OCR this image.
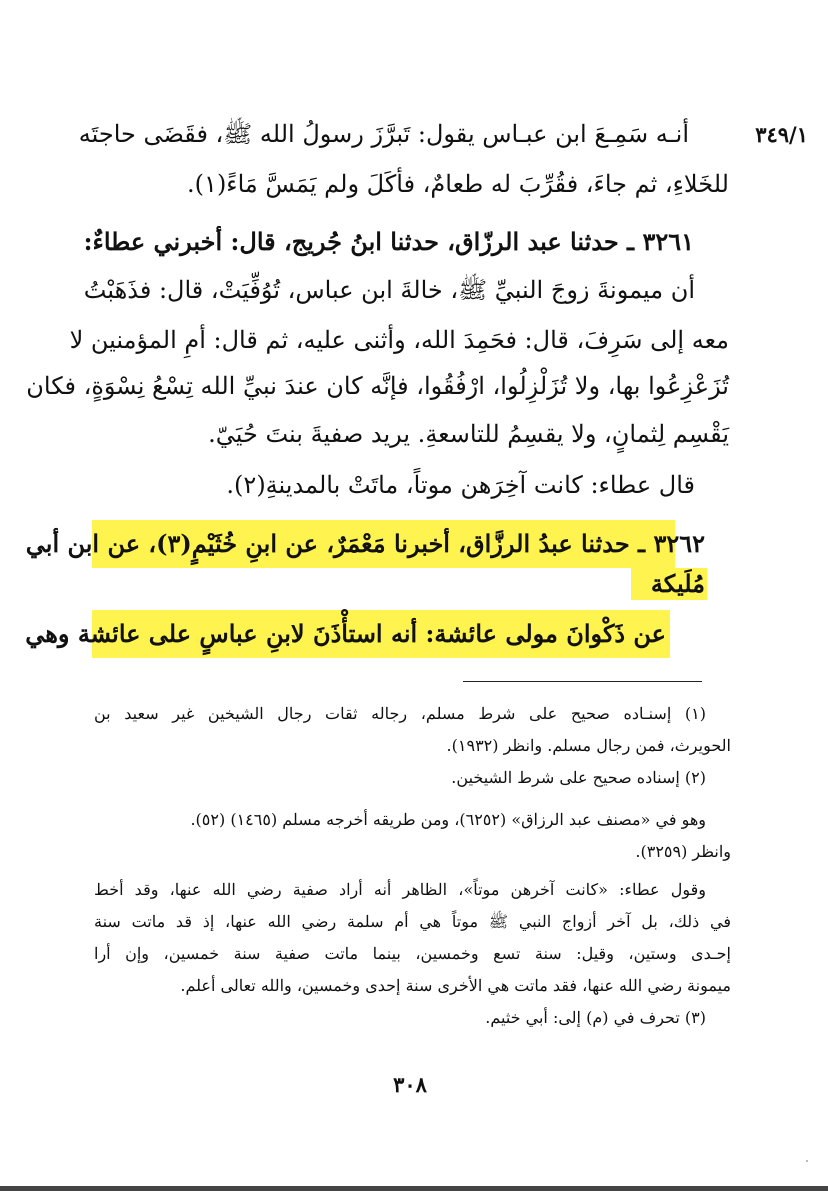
٣٤٩/١
أنـه سَمِـعَ ابن عبـاس يقول: تَبرَّزَ رسولُ الله ﷺ، فقَضَى حاجتَه
للخَلاءِ، ثم جاءَ، فقُرِّبَ له طعامٌ، فأكَلَ ولم يَمَسَّ مَاءً(١).
٣٢٦١ ـ حدثنا عبد الرزّاق، حدثنا ابنُ جُريج، قال: أخبرني عطاءٌ:
أن ميمونةَ زوجَ النبيِّ ﷺ، خالةَ ابن عباس، تُوُفِّيَتْ، قال: فذَهَبْتُ
معه إلى سَرِفَ، قال: فحَمِدَ الله، وأثنى عليه، ثم قال: أمِ المؤمنين لا
تُزَعْزِعُوا بها، ولا تُزَلْزِلُوا، ارْفُقُوا، فإنَّه كان عندَ نبيِّ الله تِسْعُ نِسْوَةٍ، فكان
يَقْسِم لِثمانٍ، ولا يقسِمُ للتاسعةِ. يريد صفيةَ بنتَ حُيَيّ.
قال عطاء: كانت آخِرَهن موتاً، ماتَتْ بالمدينةِ(٢).
٣٢٦٢ ـ حدثنا عبدُ الرزَّاق، أخبرنا مَعْمَرٌ، عن ابنِ خُثَيْمٍ(٣)، عن ابن أبي
مُلَيكة
عن ذَكْوانَ مولى عائشة: أنه استأْذَنَ لابنِ عباسٍ على عائشة وهي
(١) إسنـاده صحيح على شرط مسلم، رجاله ثقات رجال الشيخين غير سعيد بن
الحويرث، فمن رجال مسلم. وانظر (١٩٣٢).
(٢) إسناده صحيح على شرط الشيخين.
وهو في «مصنف عبد الرزاق» (٦٢٥٢)، ومن طريقه أخرجه مسلم (١٤٦٥) (٥٢).
وانظر (٣٢٥٩).
وقول عطاء: «كانت آخرهن موتاً»، الظاهر أنه أراد صفية رضي الله عنها، وقد أخط
في ذلك، بل آخر أزواج النبي ﷺ موتاً هي أم سلمة رضي الله عنها، إذ قد ماتت سنة
إحـدى وستين، وقيل: سنة تسع وخمسين، بينما ماتت صفية سنة خمسين، وإن أرا
ميمونة رضي الله عنها، فقد ماتت هي الأخرى سنة إحدى وخمسين، والله تعالى أعلم.
(٣) تحرف في (م) إلى: أبي خثيم.
٣٠٨
